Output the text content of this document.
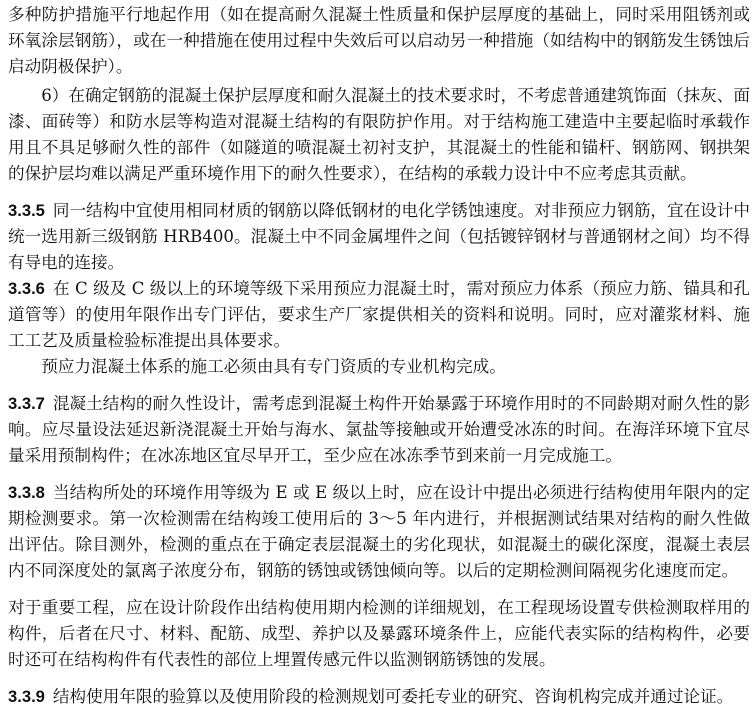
多种防护措施平行地起作用（如在提高耐久混凝土性质量和保护层厚度的基础上，同时采用阻锈剂或环氧涂层钢筋），或在一种措施在使用过程中失效后可以启动另一种措施（如结构中的钢筋发生锈蚀后启动阴极保护）。

6）在确定钢筋的混凝土保护层厚度和耐久混凝土的技术要求时，不考虑普通建筑饰面（抹灰、面漆、面砖等）和防水层等构造对混凝土结构的有限防护作用。对于结构施工建造中主要起临时承载作用且不具足够耐久性的部件（如隧道的喷混凝土初衬支护，其混凝土的性能和锚杆、钢筋网、钢拱架的保护层均难以满足严重环境作用下的耐久性要求），在结构的承载力设计中不应考虑其贡献。

3.3.5 同一结构中宜使用相同材质的钢筋以降低钢材的电化学锈蚀速度。对非预应力钢筋，宜在设计中统一选用新三级钢筋 HRB400。混凝土中不同金属埋件之间（包括镀锌钢材与普通钢材之间）均不得有导电的连接。

3.3.6 在 C 级及 C 级以上的环境等级下采用预应力混凝土时，需对预应力体系（预应力筋、锚具和孔道管等）的使用年限作出专门评估，要求生产厂家提供相关的资料和说明。同时，应对灌浆材料、施工工艺及质量检验标准提出具体要求。

预应力混凝土体系的施工必须由具有专门资质的专业机构完成。

3.3.7 混凝土结构的耐久性设计，需考虑到混凝土构件开始暴露于环境作用时的不同龄期对耐久性的影响。应尽量设法延迟新浇混凝土开始与海水、氯盐等接触或开始遭受冰冻的时间。在海洋环境下宜尽量采用预制构件；在冰冻地区宜尽早开工，至少应在冰冻季节到来前一月完成施工。

3.3.8 当结构所处的环境作用等级为 E 或 E 级以上时，应在设计中提出必须进行结构使用年限内的定期检测要求。第一次检测需在结构竣工使用后的 3～5 年内进行，并根据测试结果对结构的耐久性做出评估。除目测外，检测的重点在于确定表层混凝土的劣化现状，如混凝土的碳化深度，混凝土表层内不同深度处的氯离子浓度分布，钢筋的锈蚀或锈蚀倾向等。以后的定期检测间隔视劣化速度而定。

对于重要工程，应在设计阶段作出结构使用期内检测的详细规划，在工程现场设置专供检测取样用的构件，后者在尺寸、材料、配筋、成型、养护以及暴露环境条件上，应能代表实际的结构构件，必要时还可在结构构件有代表性的部位上埋置传感元件以监测钢筋锈蚀的发展。

3.3.9 结构使用年限的验算以及使用阶段的检测规划可委托专业的研究、咨询机构完成并通过论证。
